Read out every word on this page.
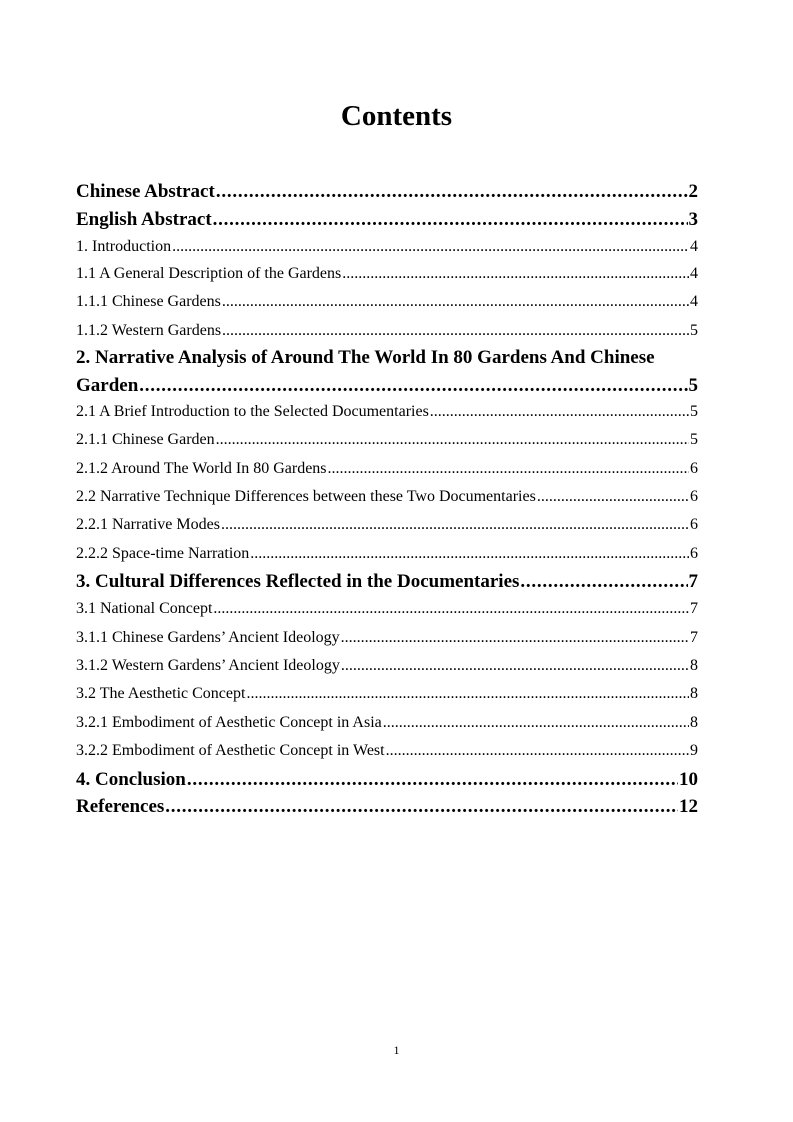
Contents
Chinese Abstract . . .	2
English Abstract . . .	3
1. Introduction . . .	4
1.1 A General Description of the Gardens . . .	4
1.1.1 Chinese Gardens . . .	4
1.1.2 Western Gardens . . .	5
2. Narrative Analysis of Around The World In 80 Gardens And Chinese
Garden . . .	5
2.1 A Brief Introduction to the Selected Documentaries . . .	5
2.1.1 Chinese Garden . . .	5
2.1.2 Around The World In 80 Gardens . . .	6
2.2 Narrative Technique Differences between these Two Documentaries . . .	6
2.2.1 Narrative Modes . . .	6
2.2.2 Space-time Narration . . .	6
3. Cultural Differences Reflected in the Documentaries . . .	7
3.1 National Concept . . .	7
3.1.1 Chinese Gardens’ Ancient Ideology . . .	7
3.1.2 Western Gardens’ Ancient Ideology . . .	8
3.2 The Aesthetic Concept . . .	8
3.2.1 Embodiment of Aesthetic Concept in Asia . . .	8
3.2.2 Embodiment of Aesthetic Concept in West . . .	9
4. Conclusion . . .	10
References . . .	12
1
